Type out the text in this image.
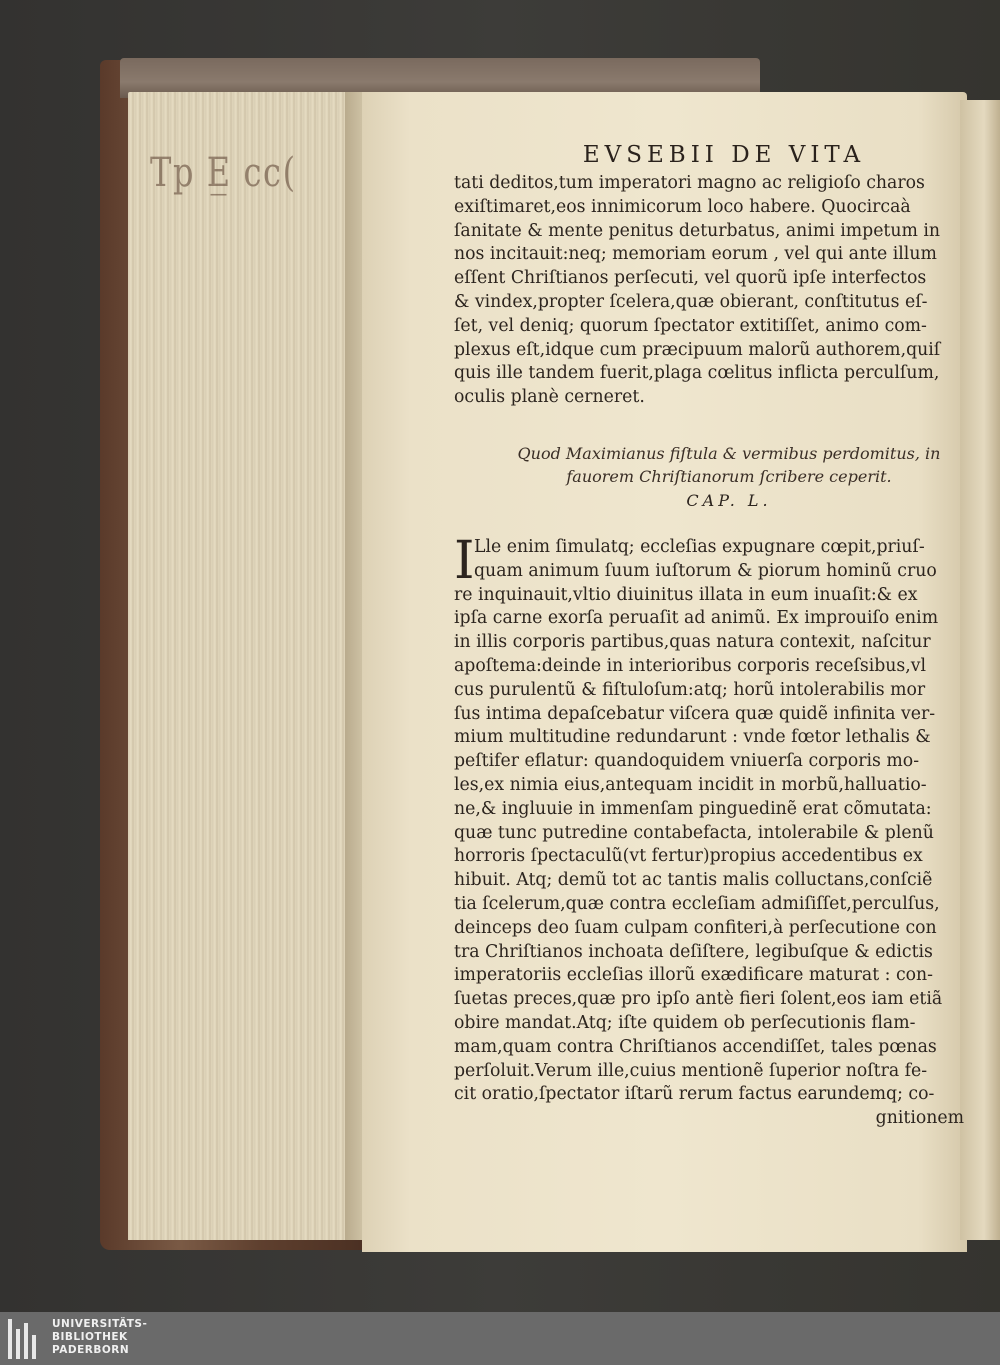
Tp͏ E̲ cc(	EVSEBII DE VITA
tati deditos,tum imperatori magno ac religioſo charos
exiſtimaret,eos innimicorum loco habere. Quocircaà
ſanitate & mente penitus deturbatus, animi impetum in
nos incitauit:neq; memoriam eorum , vel qui ante illum
eſſent Chriſtianos perſecuti, vel quorũ ipſe interfectos
& vindex,propter ſcelera,quæ obierant, conſtitutus eſ-
ſet, vel deniq; quorum ſpectator extitiſſet, animo com-
plexus eſt,idque cum præcipuum malorũ authorem,quiſ
quis ille tandem fuerit,plaga cœlitus inflicta perculſum,
oculis planè cerneret.
Quod Maximianus fiſtula & vermibus perdomitus, in
fauorem Chriſtianorum ſcribere ceperit.
CAP. L.
I Lle enim ſimulatq; eccleſias expugnare cœpit,priuſ-
quam animum ſuum iuſtorum & piorum hominũ cruo
re inquinauit,vltio diuinitus illata in eum inuaſit:& ex
ipſa carne exorſa peruaſit ad animũ. Ex improuiſo enim
in illis corporis partibus,quas natura contexit, naſcitur
apoſtema:deinde in interioribus corporis receſsibus,vl
cus purulentũ & fiſtuloſum:atq; horũ intolerabilis mor
ſus intima depaſcebatur viſcera quæ quidẽ infinita ver-
mium multitudine redundarunt : vnde fœtor lethalis &
peſtifer eflatur: quandoquidem vniuerſa corporis mo-
les,ex nimia eius,antequam incidit in morbũ,halluatio-
ne,& ingluuie in immenſam pinguedinẽ erat cõmutata:
quæ tunc putredine contabefacta, intolerabile & plenũ
horroris ſpectaculũ(vt fertur)propius accedentibus ex
hibuit. Atq; demũ tot ac tantis malis colluctans,conſciẽ
tia ſcelerum,quæ contra eccleſiam admiſiſſet,perculſus,
deinceps deo ſuam culpam confiteri,à perſecutione con
tra Chriſtianos inchoata deſiſtere, legibuſque & edictis
imperatoriis eccleſias illorũ exædificare maturat : con-
ſuetas preces,quæ pro ipſo antè fieri ſolent,eos iam etiã
obire mandat.Atq; iſte quidem ob perſecutionis flam-
mam,quam contra Chriſtianos accendiſſet, tales pœnas
perſoluit.Verum ille,cuius mentionẽ ſuperior noſtra fe-
cit oratio,ſpectator iſtarũ rerum factus earundemq; co-
gnitionem
UNIVERSITÄTS-
BIBLIOTHEK
PADERBORN
